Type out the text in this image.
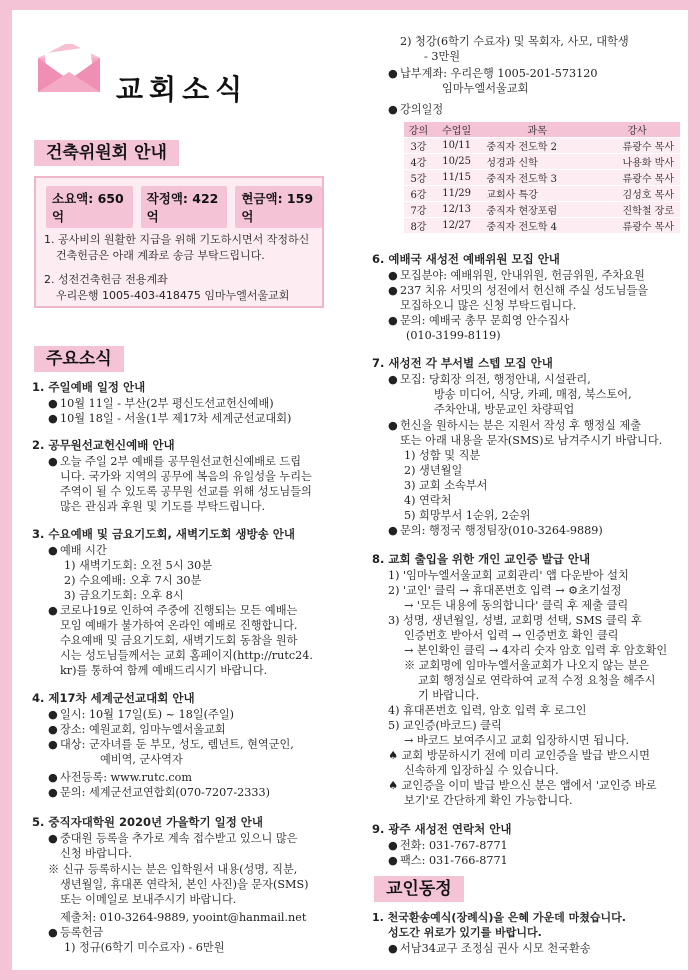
교회소식
건축위원회 안내
소요액: 650억
작정액: 422억
현금액: 159억
1. 공사비의 원활한 지급을 위해 기도하시면서 작정하신
건축헌금은 아래 계좌로 송금 부탁드립니다.
2. 성전건축헌금 전용계좌
우리은행 1005-403-418475 임마누엘서울교회
주요소식
1. 주일예배 일정 안내
● 10월 11일 - 부산(2부 평신도선교헌신예배)
● 10월 18일 - 서울(1부 제17차 세계군선교대회)
2. 공무원선교헌신예배 안내
● 오늘 주일 2부 예배를 공무원선교헌신예배로 드립
니다. 국가와 지역의 공무에 복음의 유일성을 누리는
주역이 될 수 있도록 공무원 선교를 위해 성도님들의
많은 관심과 후원 및 기도를 부탁드립니다.
3. 수요예배 및 금요기도회, 새벽기도회 생방송 안내
● 예배 시간
1) 새벽기도회: 오전 5시 30분
2) 수요예배: 오후 7시 30분
3) 금요기도회: 오후 8시
● 코로나19로 인하여 주중에 진행되는 모든 예배는
모임 예배가 불가하여 온라인 예배로 진행합니다.
수요예배 및 금요기도회, 새벽기도회 동참을 원하
시는 성도님들께서는 교회 홈페이지(http://rutc24.
kr)를 통하여 함께 예배드리시기 바랍니다.
4. 제17차 세계군선교대회 안내
● 일시: 10월 17일(토) ~ 18일(주일)
● 장소: 예원교회, 임마누엘서울교회
● 대상: 군자녀를 둔 부모, 성도, 렘넌트, 현역군인,
예비역, 군사역자
● 사전등록: www.rutc.com
● 문의: 세계군선교연합회(070-7207-2333)
5. 중직자대학원 2020년 가을학기 일정 안내
● 중대원 등록을 추가로 계속 접수받고 있으니 많은
신청 바랍니다.
※ 신규 등록하시는 분은 입학원서 내용(성명, 직분,
생년월일, 휴대폰 연락처, 본인 사진)을 문자(SMS)
또는 이메일로 보내주시기 바랍니다.
제출처: 010-3264-9889, yooint@hanmail.net
● 등록헌금
1) 정규(6학기 미수료자) - 6만원
2) 청강(6학기 수료자) 및 목회자, 사모, 대학생
- 3만원
● 납부계좌: 우리은행 1005-201-573120
임마누엘서울교회
● 강의일정
강의	수업일	과목	강사
3강	10/11	중직자 전도학 2	류광수 목사
4강	10/25	성경과 신학	나용화 박사
5강	11/15	중직자 전도학 3	류광수 목사
6강	11/29	교회사 특강	김성호 목사
7강	12/13	중직자 현장포럼	진학철 장로
8강	12/27	중직자 전도학 4	류광수 목사
6. 예배국 새성전 예배위원 모집 안내
● 모집분야: 예배위원, 안내위원, 헌금위원, 주차요원
● 237 치유 서밋의 성전에서 헌신해 주실 성도님들을
모집하오니 많은 신청 부탁드립니다.
● 문의: 예배국 총무 문희영 안수집사
(010-3199-8119)
7. 새성전 각 부서별 스텝 모집 안내
● 모집: 당회장 의전, 행정안내, 시설관리,
방송 미디어, 식당, 카페, 매점, 북스토어,
주차안내, 방문교인 차량픽업
● 헌신을 원하시는 분은 지원서 작성 후 행정실 제출
또는 아래 내용을 문자(SMS)로 남겨주시기 바랍니다.
1) 성함 및 직분
2) 생년월일
3) 교회 소속부서
4) 연락처
5) 희망부서 1순위, 2순위
● 문의: 행정국 행정팀장(010-3264-9889)
8. 교회 출입을 위한 개인 교인증 발급 안내
1) '임마누엘서울교회 교회관리' 앱 다운받아 설치
2) '교인' 클릭 → 휴대폰번호 입력 → ⚙초기설정
→ '모든 내용에 동의합니다' 클릭 후 제출 클릭
3) 성명, 생년월일, 성별, 교회명 선택, SMS 클릭 후
인증번호 받아서 입력 → 인증번호 확인 클릭
→ 본인확인 클릭 → 4자리 숫자 암호 입력 후 암호확인
※ 교회명에 임마누엘서울교회가 나오지 않는 분은
교회 행정실로 연락하여 교적 수정 요청을 해주시
기 바랍니다.
4) 휴대폰번호 입력, 암호 입력 후 로그인
5) 교인증(바코드) 클릭
→ 바코드 보여주시고 교회 입장하시면 됩니다.
♠ 교회 방문하시기 전에 미리 교인증을 발급 받으시면
신속하게 입장하실 수 있습니다.
♠ 교인증을 이미 발급 받으신 분은 앱에서 '교인증 바로
보기'로 간단하게 확인 가능합니다.
9. 광주 새성전 연락처 안내
● 전화: 031-767-8771
● 팩스: 031-766-8771
교인동정
1. 천국환송예식(장례식)을 은혜 가운데 마쳤습니다.
성도간 위로가 있기를 바랍니다.
● 서남34교구 조정심 권사 시모 천국환송
